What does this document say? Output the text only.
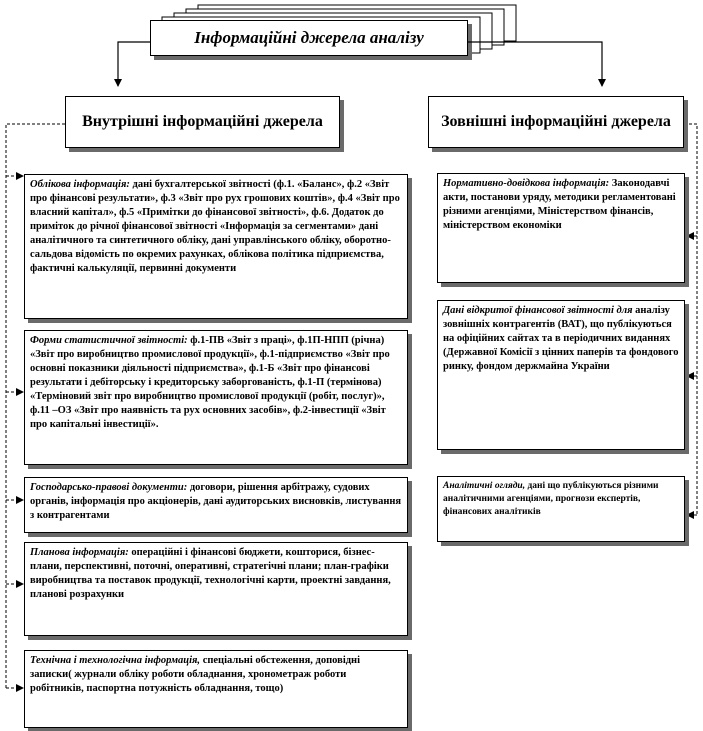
Інформаційні джерела аналізу
Внутрішні інформаційні джерела	Зовнішні інформаційні джерела
Облікова інформація: дані бухгалтерської звітності (ф.1. «Баланс», ф.2 «Звіт про фінансові результати», ф.3 «Звіт про рух грошових коштів», ф.4 «Звіт про власний капітал», ф.5 «Примітки до фінансової звітності», ф.6. Додаток до приміток до річної фінансової звітності «Інформація за сегментами» дані аналітичного та синтетичного обліку, дані управлінського обліку, оборотно-сальдова відомість по окремих рахунках, облікова політика підприємства, фактичні калькуляції, первинні документи
Форми статистичної звітності: ф.1-ПВ «Звіт з праці», ф.1П-НПП (річна) «Звіт про виробництво промислової продукції», ф.1-підприємство «Звіт про основні показники діяльності підприємства», ф.1-Б «Звіт про фінансові результати і дебіторську і кредиторську заборгованість, ф.1-П (термінова) «Терміновий звіт про виробництво промислової продукції (робіт, послуг)», ф.11 –ОЗ «Звіт про наявність та рух основних засобів», ф.2-інвестиції «Звіт про капітальні інвестиції».
Господарсько-правові документи: договори, рішення арбітражу, судових органів, інформація про акціонерів, дані аудиторських висновків, листування з контрагентами
Планова інформація: операційні і фінансові бюджети, кошторися, бізнес-плани, перспективні, поточні, оперативні, стратегічні плани; план-графіки виробництва та поставок продукції, технологічні карти, проектні завдання, планові розрахунки
Технічна і технологічна інформація, спеціальні обстеження, доповідні записки( журнали обліку роботи обладнання, хронометраж роботи робітників, паспортна потужність обладнання, тощо)
Нормативно-довідкова інформація: Законодавчі акти, постанови уряду, методики регламентовані різними агенціями, Міністерством фінансів, міністерством економіки
Дані відкритої фінансової звітності для аналізу зовнішніх контрагентів (ВАТ), що публікуються на офіційних сайтах та в періодичних виданнях (Державної Комісії з цінних паперів та фондового ринку, фондом держмайна України
Аналітичні огляди, дані що публікуються різними аналітичними агенціями, прогнози експертів, фінансових аналітиків
